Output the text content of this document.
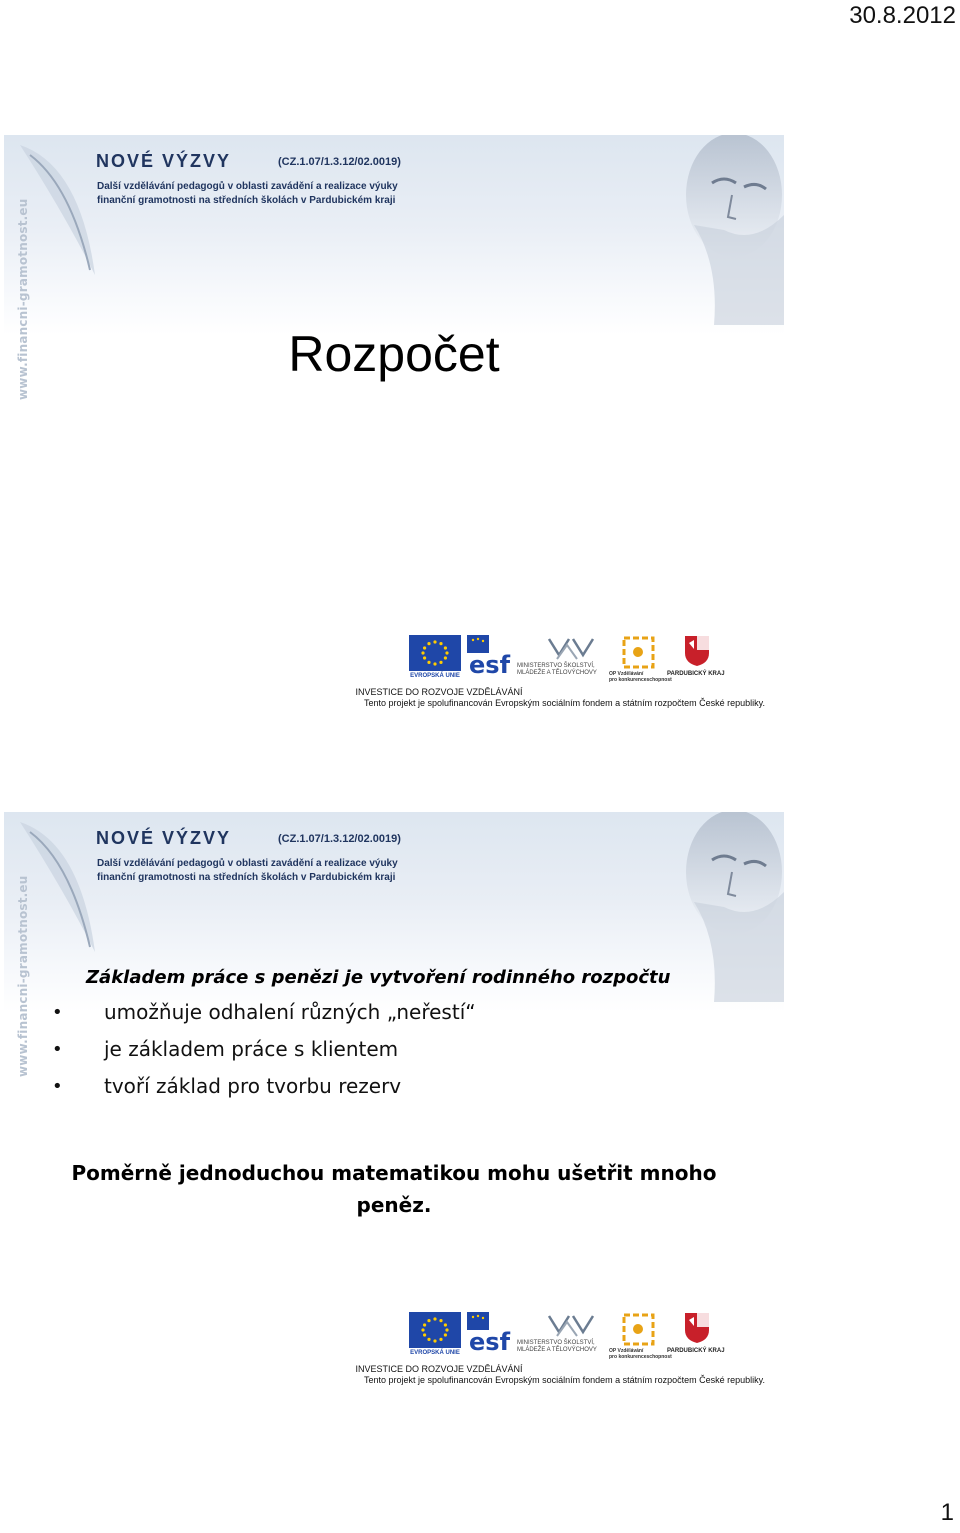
30.8.2012
www.financni-gramotnost.eu
NOVÉ VÝZVY	(CZ.1.07/1.3.12/02.0019)
Další vzdělávání pedagogů v oblasti zavádění a realizace výuky
finanční gramotnosti na středních školách v Pardubickém kraji
Rozpočet
EVROPSKÁ UNIE esf MINISTERSTVO ŠKOLSTVÍ,
MLÁDEŽE A TĚLOVÝCHOVY OP Vzdělávání
pro konkurenceschopnost
PARDUBICKÝ KRAJ
INVESTICE DO ROZVOJE VZDĚLÁVÁNÍ
Tento projekt je spolufinancován Evropským sociálním fondem a státním rozpočtem České republiky.
www.financni-gramotnost.eu
NOVÉ VÝZVY	(CZ.1.07/1.3.12/02.0019)
Další vzdělávání pedagogů v oblasti zavádění a realizace výuky
finanční gramotnosti na středních školách v Pardubickém kraji
Základem práce s penězi je vytvoření rodinného rozpočtu
• umožňuje odhalení různých „neřestí“
• je základem práce s klientem
• tvoří základ pro tvorbu rezerv
Poměrně jednoduchou matematikou mohu ušetřit mnoho peněz.
EVROPSKÁ UNIE esf MINISTERSTVO ŠKOLSTVÍ,
MLÁDEŽE A TĚLOVÝCHOVY OP Vzdělávání
pro konkurenceschopnost
PARDUBICKÝ KRAJ
INVESTICE DO ROZVOJE VZDĚLÁVÁNÍ
Tento projekt je spolufinancován Evropským sociálním fondem a státním rozpočtem České republiky.
1
